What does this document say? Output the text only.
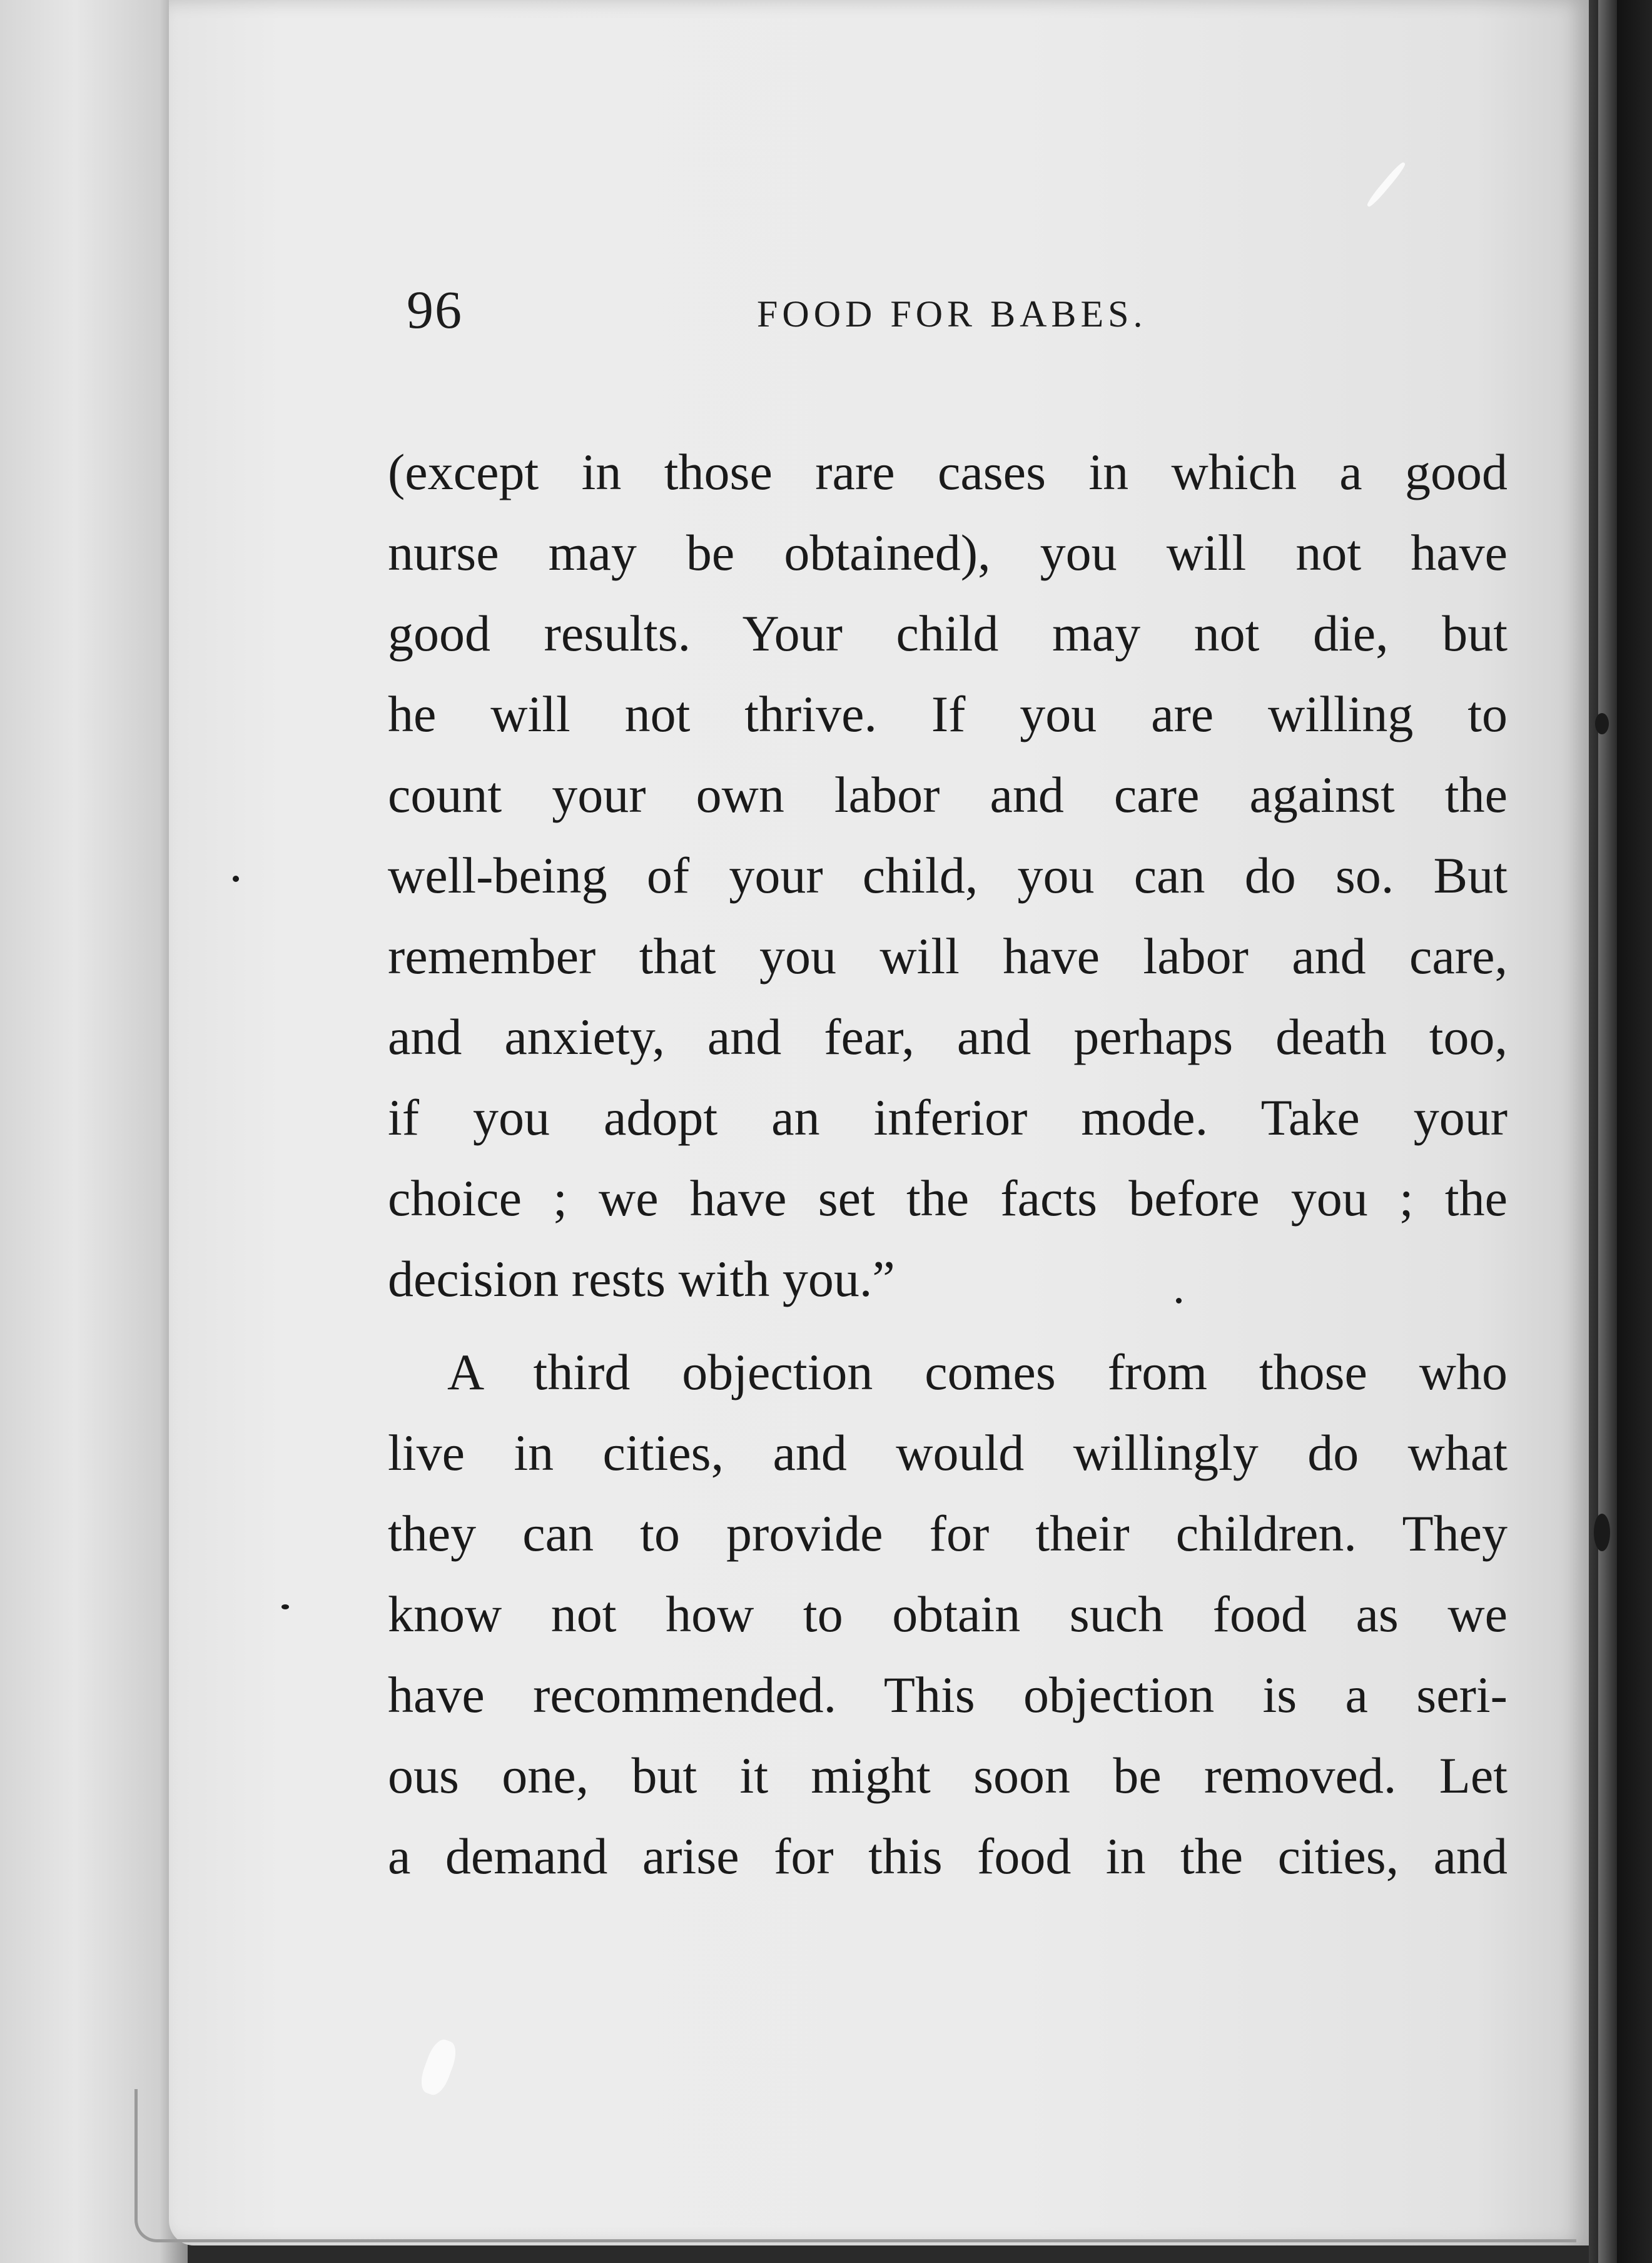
96	FOOD FOR BABES.
(except in those rare cases in which a good
nurse may be obtained), you will not have
good results. Your child may not die, but
he will not thrive. If you are willing to
count your own labor and care against the
well-being of your child, you can do so. But
remember that you will have labor and care,
and anxiety, and fear, and perhaps death too,
if you adopt an inferior mode. Take your
choice ; we have set the facts before you ; the
decision rests with you.”
A third objection comes from those who
live in cities, and would willingly do what
they can to provide for their children. They
know not how to obtain such food as we
have recommended. This objection is a seri-
ous one, but it might soon be removed. Let
a demand arise for this food in the cities, and
